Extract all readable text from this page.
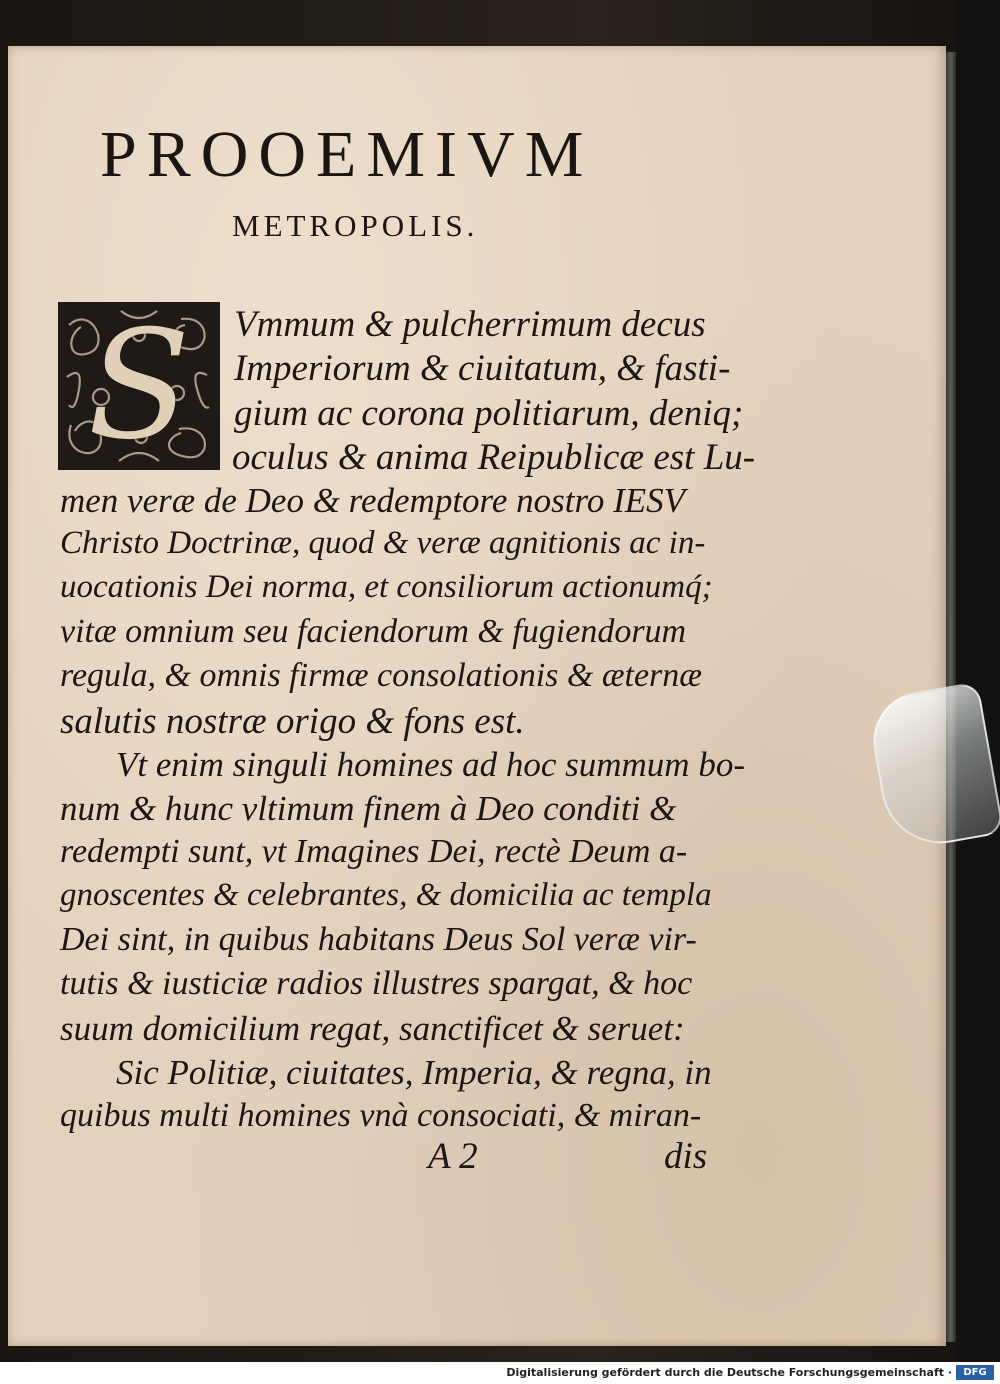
PROOEMIVM
METROPOLIS.
S	Vmmum & pulcherrimum decus

Imperiorum & ciuitatum, & fasti-

gium ac corona politiarum, deniq;

oculus & anima Reipublicæ est Lu-

men veræ de Deo & redemptore nostro IESV

Christo Doctrinæ, quod & veræ agnitionis ac in-

uocationis Dei norma, et consiliorum actionumq́;

vitæ omnium seu faciendorum & fugiendorum

regula, & omnis firmæ consolationis & æternæ

salutis nostræ origo & fons est.

Vt enim singuli homines ad hoc summum bo-

num & hunc vltimum finem à Deo conditi &

redempti sunt, vt Imagines Dei, rectè Deum a-

gnoscentes & celebrantes, & domicilia ac templa

Dei sint, in quibus habitans Deus Sol veræ vir-

tutis & iusticiæ radios illustres spargat, & hoc

suum domicilium regat, sanctificet & seruet:

Sic Politiæ, ciuitates, Imperia, & regna, in

quibus multi homines vnà consociati, & miran-

A 2	dis
Digitalisierung gefördert durch die Deutsche Forschungsgemeinschaft ·	DFG
